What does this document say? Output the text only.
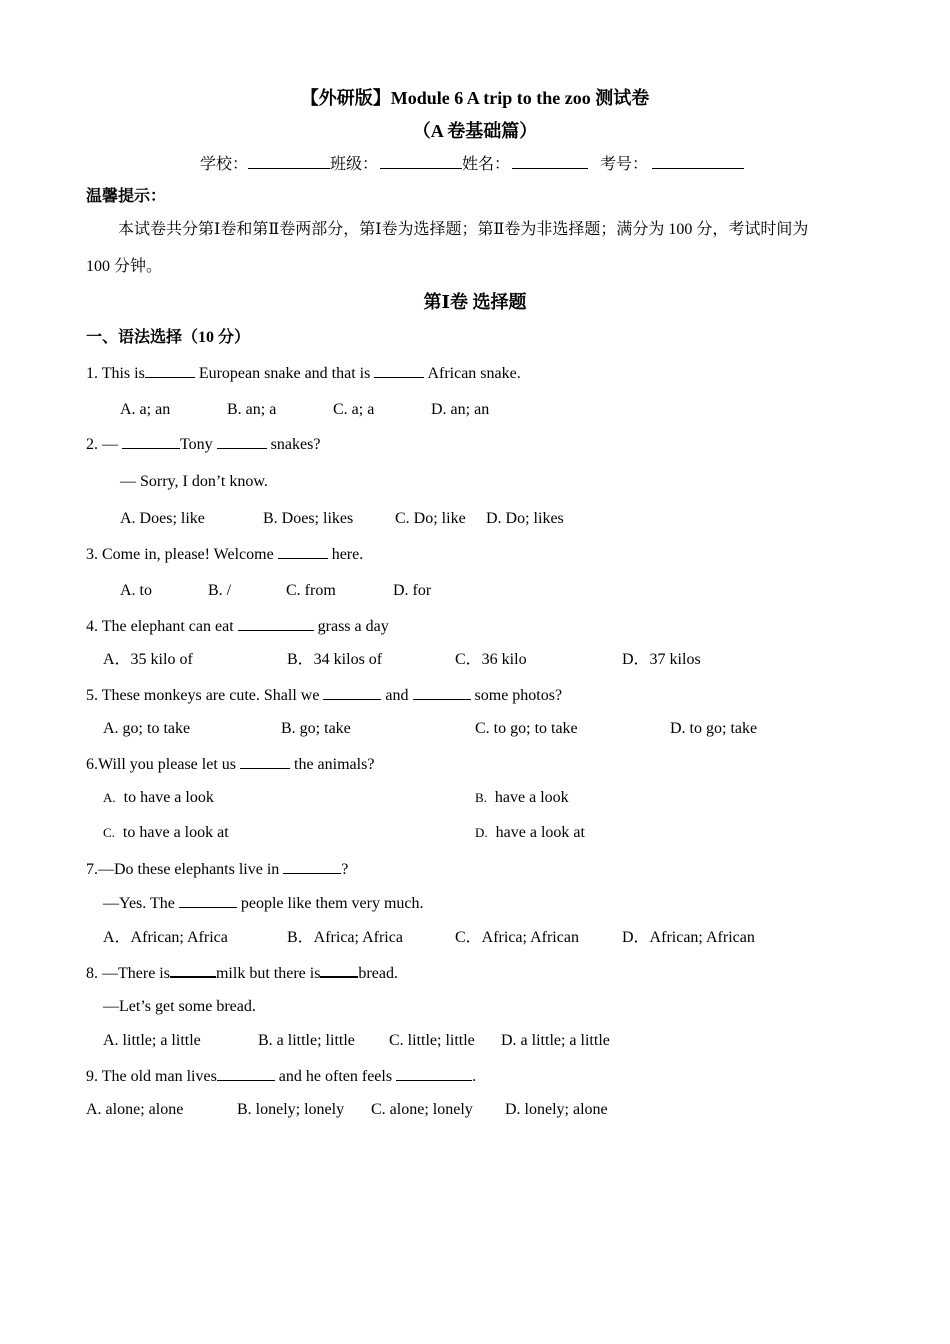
【外研版】Module 6 A trip to the zoo 测试卷
（A 卷基础篇）
学校：	班级：	姓名：	考号：
温馨提示：
本试卷共分第Ⅰ卷和第Ⅱ卷两部分，第Ⅰ卷为选择题；第Ⅱ卷为非选择题；满分为 100 分，考试时间为
100 分钟。
第Ⅰ卷 选择题
一、语法选择（10 分）
1. This is	European snake and that is	African snake.
A. a; an	B. an; a	C. a; a	D. an; an
2. —	Tony	snakes?
— Sorry, I don’t know.
A. Does; like	B. Does; likes	C. Do; like D. Do; likes
3. Come in, please! Welcome	here.
A. to	B. /	C. from	D. for
4. The elephant can eat	grass a day
A．35 kilo of	B．34 kilos of	C．36 kilo	D．37 kilos
5. These monkeys are cute. Shall we	and	some photos?
A. go; to take	B. go; take	C. to go; to take	D. to go; take
6.Will you please let us	the animals?
A. to have a look	B. have a look
C. to have a look at	D. have a look at
7.—Do these elephants live in	?
—Yes. The	people like them very much.
A．African; Africa	B．Africa; Africa	C．Africa; African	D．African; African
8. —There is	milk but there is bread.
—Let’s get some bread.
A. little; a little	B. a little; little C. little; little D. a little; a little
9. The old man lives	and he often feels	.
A. alone; alone	B. lonely; lonely C. alone; lonely D. lonely; alone
